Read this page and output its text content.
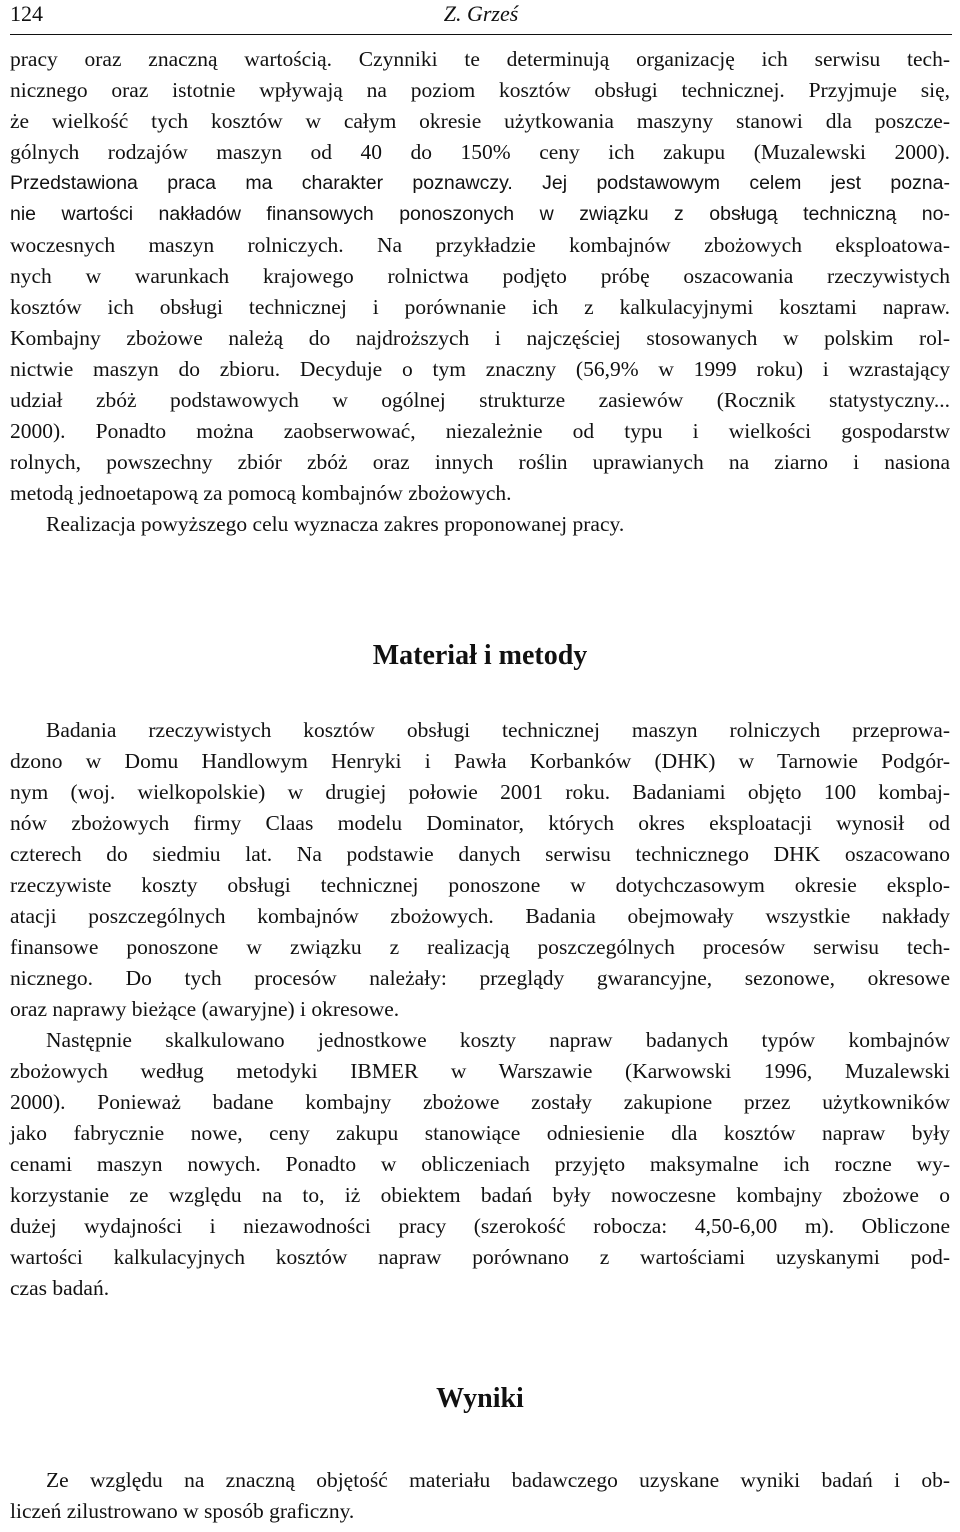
124	Z. Grześ
pracy oraz znaczną wartością. Czynniki te determinują organizację ich serwisu tech-
nicznego oraz istotnie wpływają na poziom kosztów obsługi technicznej. Przyjmuje się,
że wielkość tych kosztów w całym okresie użytkowania maszyny stanowi dla poszcze-
gólnych rodzajów maszyn od 40 do 150% ceny ich zakupu (Muzalewski 2000).
Przedstawiona praca ma charakter poznawczy. Jej podstawowym celem jest pozna-
nie wartości nakładów finansowych ponoszonych w związku z obsługą techniczną no-
woczesnych maszyn rolniczych. Na przykładzie kombajnów zbożowych eksploatowa-
nych w warunkach krajowego rolnictwa podjęto próbę oszacowania rzeczywistych
kosztów ich obsługi technicznej i porównanie ich z kalkulacyjnymi kosztami napraw.
Kombajny zbożowe należą do najdroższych i najczęściej stosowanych w polskim rol-
nictwie maszyn do zbioru. Decyduje o tym znaczny (56,9% w 1999 roku) i wzrastający
udział zbóż podstawowych w ogólnej strukturze zasiewów (Rocznik statystyczny...
2000). Ponadto można zaobserwować, niezależnie od typu i wielkości gospodarstw
rolnych, powszechny zbiór zbóż oraz innych roślin uprawianych na ziarno i nasiona
metodą jednoetapową za pomocą kombajnów zbożowych.
Realizacja powyższego celu wyznacza zakres proponowanej pracy.
Materiał i metody
Badania rzeczywistych kosztów obsługi technicznej maszyn rolniczych przeprowa-
dzono w Domu Handlowym Henryki i Pawła Korbanków (DHK) w Tarnowie Podgór-
nym (woj. wielkopolskie) w drugiej połowie 2001 roku. Badaniami objęto 100 kombaj-
nów zbożowych firmy Claas modelu Dominator, których okres eksploatacji wynosił od
czterech do siedmiu lat. Na podstawie danych serwisu technicznego DHK oszacowano
rzeczywiste koszty obsługi technicznej ponoszone w dotychczasowym okresie eksplo-
atacji poszczególnych kombajnów zbożowych. Badania obejmowały wszystkie nakłady
finansowe ponoszone w związku z realizacją poszczególnych procesów serwisu tech-
nicznego. Do tych procesów należały: przeglądy gwarancyjne, sezonowe, okresowe
oraz naprawy bieżące (awaryjne) i okresowe.
Następnie skalkulowano jednostkowe koszty napraw badanych typów kombajnów
zbożowych według metodyki IBMER w Warszawie (Karwowski 1996, Muzalewski
2000). Ponieważ badane kombajny zbożowe zostały zakupione przez użytkowników
jako fabrycznie nowe, ceny zakupu stanowiące odniesienie dla kosztów napraw były
cenami maszyn nowych. Ponadto w obliczeniach przyjęto maksymalne ich roczne wy-
korzystanie ze względu na to, iż obiektem badań były nowoczesne kombajny zbożowe o
dużej wydajności i niezawodności pracy (szerokość robocza: 4,50-6,00 m). Obliczone
wartości kalkulacyjnych kosztów napraw porównano z wartościami uzyskanymi pod-
czas badań.
Wyniki
Ze względu na znaczną objętość materiału badawczego uzyskane wyniki badań i ob-
liczeń zilustrowano w sposób graficzny.
